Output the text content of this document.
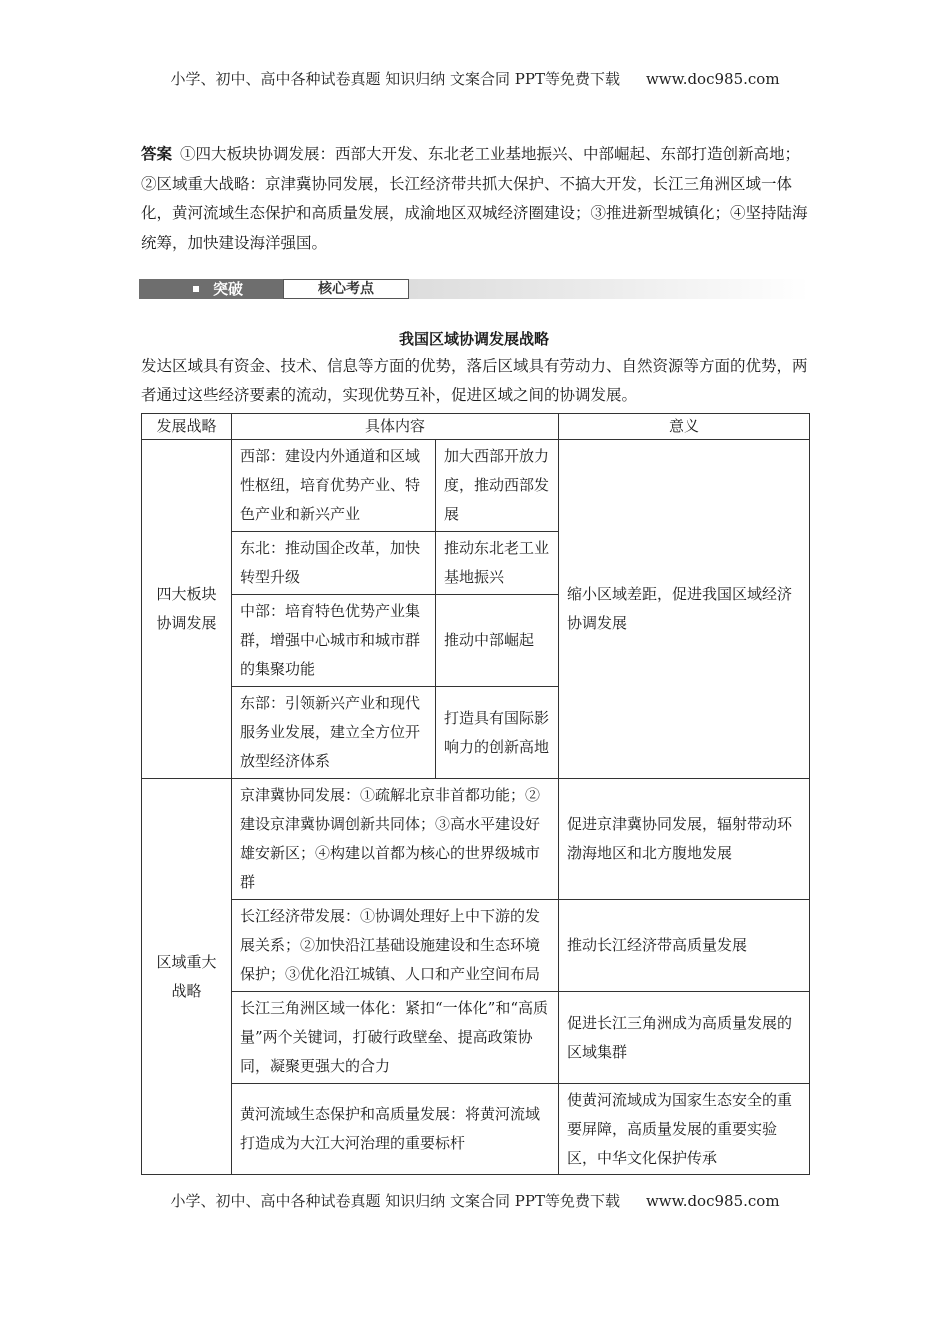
小学、初中、高中各种试卷真题 知识归纳 文案合同 PPT等免费下载 www.doc985.com
答案 ①四大板块协调发展：西部大开发、东北老工业基地振兴、中部崛起、东部打造创新高地；②区域重大战略：京津冀协同发展，长江经济带共抓大保护、不搞大开发，长江三角洲区域一体化，黄河流域生态保护和高质量发展，成渝地区双城经济圈建设；③推进新型城镇化；④坚持陆海统筹，加快建设海洋强国。
突破	核心考点
我国区域协调发展战略
发达区域具有资金、技术、信息等方面的优势，落后区域具有劳动力、自然资源等方面的优势，两者通过这些经济要素的流动，实现优势互补，促进区域之间的协调发展。
发展战略	具体内容		意义
四大板块协调发展	西部：建设内外通道和区域性枢纽，培育优势产业、特色产业和新兴产业	加大西部开放力度，推动西部发展	缩小区域差距，促进我国区域经济协调发展
	东北：推动国企改革，加快转型升级	推动东北老工业基地振兴	
	中部：培育特色优势产业集群，增强中心城市和城市群的集聚功能	推动中部崛起	
	东部：引领新兴产业和现代服务业发展，建立全方位开放型经济体系	打造具有国际影响力的创新高地	
区域重大战略	京津冀协同发展：①疏解北京非首都功能；②建设京津冀协调创新共同体；③高水平建设好雄安新区；④构建以首都为核心的世界级城市群		促进京津冀协同发展，辐射带动环渤海地区和北方腹地发展
	长江经济带发展：①协调处理好上中下游的发展关系；②加快沿江基础设施建设和生态环境保护；③优化沿江城镇、人口和产业空间布局		推动长江经济带高质量发展
	长江三角洲区域一体化：紧扣“一体化”和“高质量”两个关键词，打破行政壁垒、提高政策协同，凝聚更强大的合力		促进长江三角洲成为高质量发展的区域集群
	黄河流域生态保护和高质量发展：将黄河流域打造成为大江大河治理的重要标杆		使黄河流域成为国家生态安全的重要屏障，高质量发展的重要实验区，中华文化保护传承
小学、初中、高中各种试卷真题 知识归纳 文案合同 PPT等免费下载 www.doc985.com
